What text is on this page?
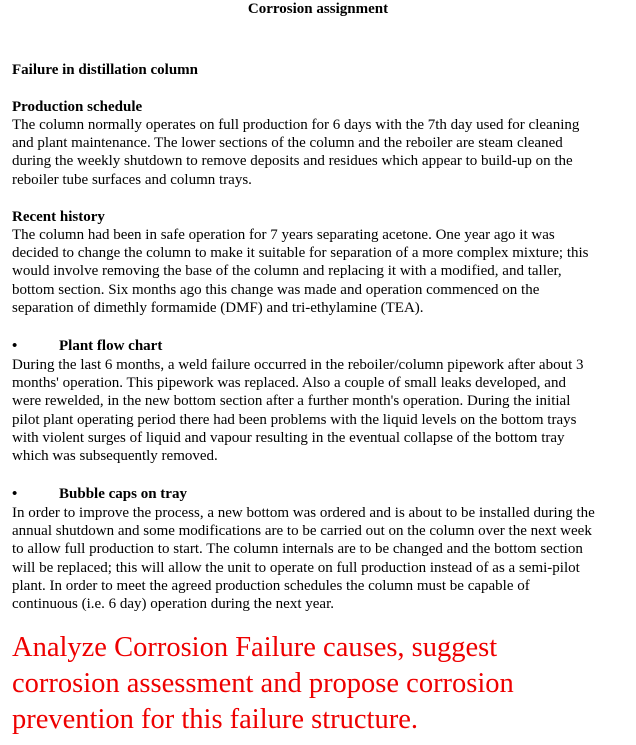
Corrosion assignment
Failure in distillation column
Production schedule

The column normally operates on full production for 6 days with the 7th day used for cleaning
and plant maintenance. The lower sections of the column and the reboiler are steam cleaned
during the weekly shutdown to remove deposits and residues which appear to build-up on the
reboiler tube surfaces and column trays.

Recent history

The column had been in safe operation for 7 years separating acetone. One year ago it was
decided to change the column to make it suitable for separation of a more complex mixture; this
would involve removing the base of the column and replacing it with a modified, and taller,
bottom section. Six months ago this change was made and operation commenced on the
separation of dimethly formamide (DMF) and tri-ethylamine (TEA).

•	Plant flow chart

During the last 6 months, a weld failure occurred in the reboiler/column pipework after about 3
months' operation. This pipework was replaced. Also a couple of small leaks developed, and
were rewelded, in the new bottom section after a further month's operation. During the initial
pilot plant operating period there had been problems with the liquid levels on the bottom trays
with violent surges of liquid and vapour resulting in the eventual collapse of the bottom tray
which was subsequently removed.

•	Bubble caps on tray

In order to improve the process, a new bottom was ordered and is about to be installed during the
annual shutdown and some modifications are to be carried out on the column over the next week
to allow full production to start. The column internals are to be changed and the bottom section
will be replaced; this will allow the unit to operate on full production instead of as a semi-pilot
plant. In order to meet the agreed production schedules the column must be capable of
continuous (i.e. 6 day) operation during the next year.

Analyze Corrosion Failure causes, suggest
corrosion assessment and propose corrosion
prevention for this failure structure.
